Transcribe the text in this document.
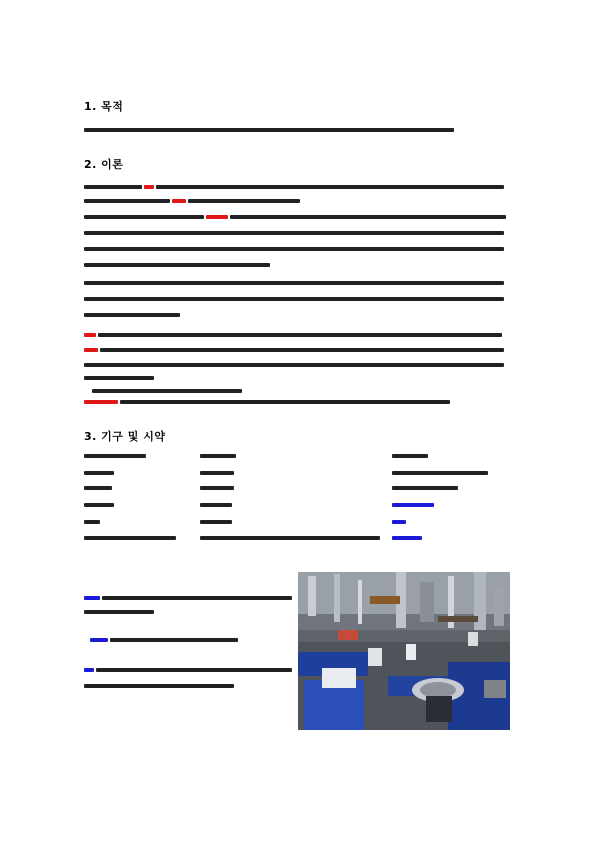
1. 목적
2. 이론
3. 기구 및 시약
